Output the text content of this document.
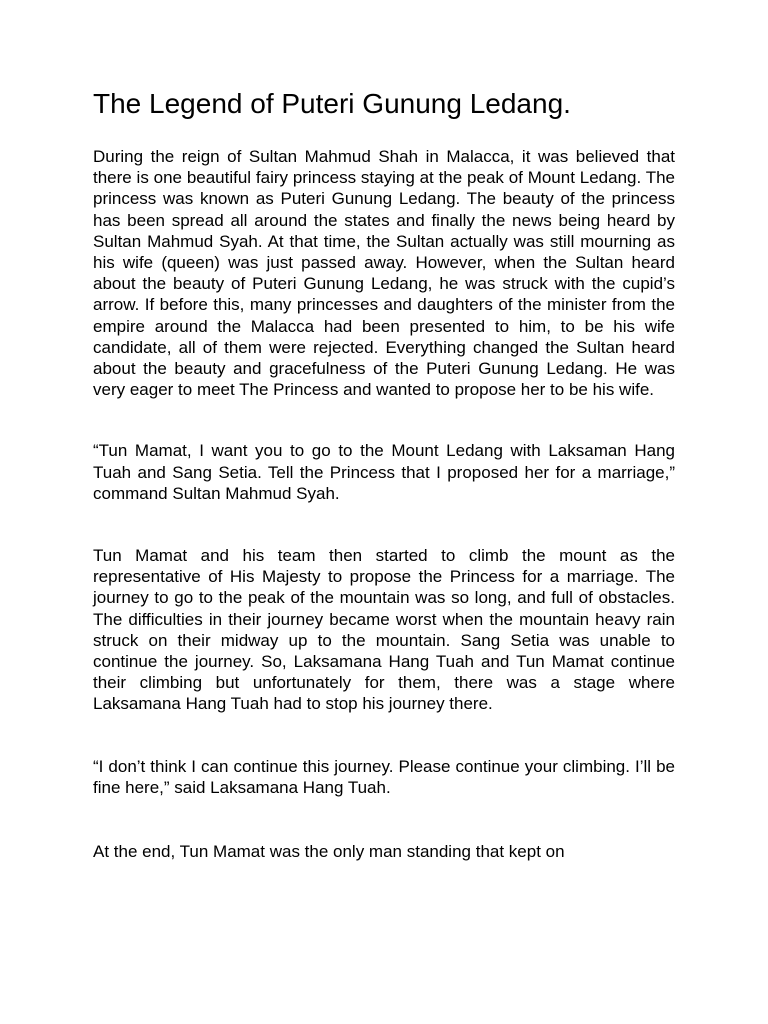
The Legend of Puteri Gunung Ledang.

During the reign of Sultan Mahmud Shah in Malacca, it was believed that there is one beautiful fairy princess staying at the peak of Mount Ledang. The princess was known as Puteri Gunung Ledang. The beauty of the princess has been spread all around the states and finally the news being heard by Sultan Mahmud Syah. At that time, the Sultan actually was still mourning as his wife (queen) was just passed away. However, when the Sultan heard about the beauty of Puteri Gunung Ledang, he was struck with the cupid’s arrow. If before this, many princesses and daughters of the minister from the empire around the Malacca had been presented to him, to be his wife candidate, all of them were rejected. Everything changed the Sultan heard about the beauty and gracefulness of the Puteri Gunung Ledang. He was very eager to meet The Princess and wanted to propose her to be his wife.

“Tun Mamat, I want you to go to the Mount Ledang with Laksaman Hang Tuah and Sang Setia. Tell the Princess that I proposed her for a marriage,” command Sultan Mahmud Syah.

Tun Mamat and his team then started to climb the mount as the representative of His Majesty to propose the Princess for a marriage. The journey to go to the peak of the mountain was so long, and full of obstacles. The difficulties in their journey became worst when the mountain heavy rain struck on their midway up to the mountain. Sang Setia was unable to continue the journey. So, Laksamana Hang Tuah and Tun Mamat continue their climbing but unfortunately for them, there was a stage where Laksamana Hang Tuah had to stop his journey there.

“I don’t think I can continue this journey. Please continue your climbing. I’ll be fine here,” said Laksamana Hang Tuah.

At the end, Tun Mamat was the only man standing that kept on
